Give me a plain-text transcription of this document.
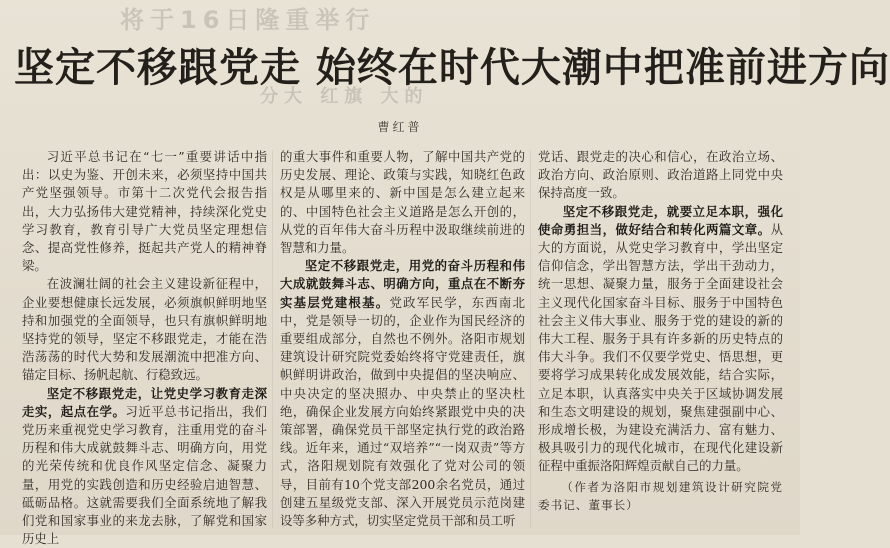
将于16日隆重举行
分大 红旗 大的
坚定不移跟党走 始终在时代大潮中把准前进方向
曹红普

习近平总书记在“七一”重要讲话中指出：以史为鉴、开创未来，必须坚持中国共产党坚强领导。市第十二次党代会报告指出，大力弘扬伟大建党精神，持续深化党史学习教育，教育引导广大党员坚定理想信念、提高党性修养，挺起共产党人的精神脊梁。

在波澜壮阔的社会主义建设新征程中，企业要想健康长远发展，必须旗帜鲜明地坚持和加强党的全面领导，也只有旗帜鲜明地坚持党的领导，坚定不移跟党走，才能在浩浩荡荡的时代大势和发展潮流中把准方向、锚定目标、扬帆起航、行稳致远。

坚定不移跟党走，让党史学习教育走深走实，起点在学。习近平总书记指出，我们党历来重视党史学习教育，注重用党的奋斗历程和伟大成就鼓舞斗志、明确方向，用党的光荣传统和优良作风坚定信念、凝聚力量，用党的实践创造和历史经验启迪智慧、砥砺品格。这就需要我们全面系统地了解我们党和国家事业的来龙去脉，了解党和国家历史上

的重大事件和重要人物，了解中国共产党的历史发展、理论、政策与实践，知晓红色政权是从哪里来的、新中国是怎么建立起来的、中国特色社会主义道路是怎么开创的，从党的百年伟大奋斗历程中汲取继续前进的智慧和力量。

坚定不移跟党走，用党的奋斗历程和伟大成就鼓舞斗志、明确方向，重点在不断夯实基层党建根基。党政军民学，东西南北中，党是领导一切的，企业作为国民经济的重要组成部分，自然也不例外。洛阳市规划建筑设计研究院党委始终将守党建责任，旗帜鲜明讲政治，做到中央提倡的坚决响应、中央决定的坚决照办、中央禁止的坚决杜绝，确保企业发展方向始终紧跟党中央的决策部署，确保党员干部坚定执行党的政治路线。近年来，通过“双培养”“一岗双责”等方式，洛阳规划院有效强化了党对公司的领导，目前有10个党支部200余名党员，通过创建五星级党支部、深入开展党员示范岗建设等多种方式，切实坚定党员干部和员工听

党话、跟党走的决心和信心，在政治立场、政治方向、政治原则、政治道路上同党中央保持高度一致。

坚定不移跟党走，就要立足本职，强化使命勇担当，做好结合和转化两篇文章。从大的方面说，从党史学习教育中，学出坚定信仰信念，学出智慧方法，学出干劲动力，统一思想、凝聚力量，服务于全面建设社会主义现代化国家奋斗目标、服务于中国特色社会主义伟大事业、服务于党的建设的新的伟大工程、服务于具有许多新的历史特点的伟大斗争。我们不仅要学党史、悟思想，更要将学习成果转化成发展效能，结合实际，立足本职，认真落实中央关于区域协调发展和生态文明建设的规划，聚焦建强副中心、形成增长极，为建设充满活力、富有魅力、极具吸引力的现代化城市，在现代化建设新征程中重振洛阳辉煌贡献自己的力量。

（作者为洛阳市规划建筑设计研究院党委书记、董事长）
